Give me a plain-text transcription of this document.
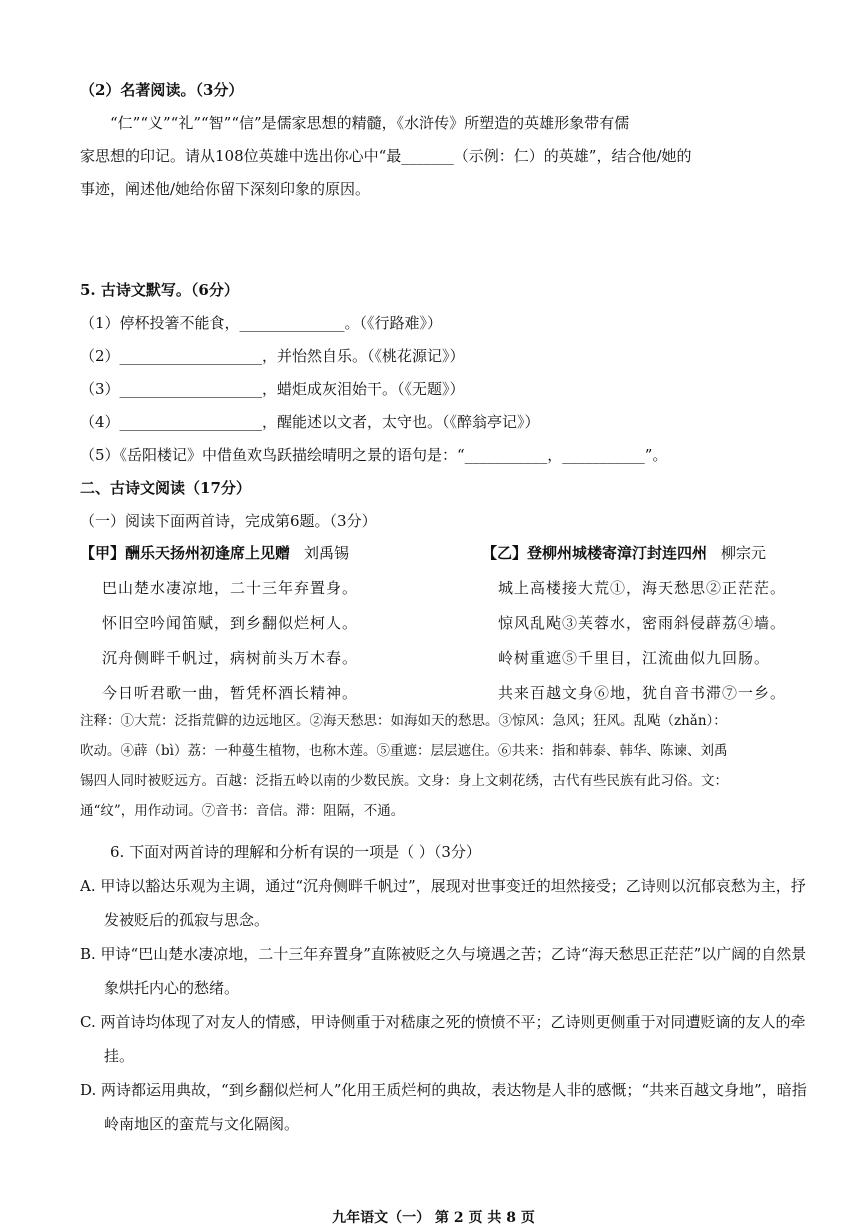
（2）名著阅读。（3分）

“仁”“义”“礼”“智”“信”是儒家思想的精髓，《水浒传》所塑造的英雄形象带有儒

家思想的印记。请从108位英雄中选出你心中“最_______（示例：仁）的英雄”，结合他/她的

事迹，阐述他/她给你留下深刻印象的原因。

5. 古诗文默写。（6分）

（1）停杯投箸不能食，______________。（《行路难》）

（2）___________________，并怡然自乐。（《桃花源记》）

（3）___________________，蜡炬成灰泪始干。（《无题》）

（4）___________________，醒能述以文者，太守也。（《醉翁亭记》）

（5）《岳阳楼记》中借鱼欢鸟跃描绘晴明之景的语句是：“___________，___________”。

二、古诗文阅读（17分）

（一）阅读下面两首诗，完成第6题。（3分）

【甲】酬乐天扬州初逢席上见赠 刘禹锡

巴山楚水凄凉地，二十三年弃置身。

怀旧空吟闻笛赋，到乡翻似烂柯人。

沉舟侧畔千帆过，病树前头万木春。

今日听君歌一曲，暂凭杯酒长精神。

【乙】登柳州城楼寄漳汀封连四州 柳宗元

城上高楼接大荒①，海天愁思②正茫茫。

惊风乱飐③芙蓉水，密雨斜侵薜荔④墙。

岭树重遮⑤千里目，江流曲似九回肠。

共来百越文身⑥地，犹自音书滞⑦一乡。

注释：①大荒：泛指荒僻的边远地区。②海天愁思：如海如天的愁思。③惊风：急风；狂风。乱飐（zhǎn）：

吹动。④薜（bì）荔：一种蔓生植物，也称木莲。⑤重遮：层层遮住。⑥共来：指和韩泰、韩华、陈谏、刘禹

锡四人同时被贬远方。百越：泛指五岭以南的少数民族。文身：身上文刺花绣，古代有些民族有此习俗。文：

通“纹”，用作动词。⑦音书：音信。滞：阻隔，不通。

6. 下面对两首诗的理解和分析有误的一项是（ ）（3分）

A. 甲诗以豁达乐观为主调，通过“沉舟侧畔千帆过”，展现对世事变迁的坦然接受；乙诗则以沉郁哀愁为主，抒发被贬后的孤寂与思念。

B. 甲诗“巴山楚水凄凉地，二十三年弃置身”直陈被贬之久与境遇之苦；乙诗“海天愁思正茫茫”以广阔的自然景象烘托内心的愁绪。

C. 两首诗均体现了对友人的情感，甲诗侧重于对嵇康之死的愤愤不平；乙诗则更侧重于对同遭贬谪的友人的牵挂。

D. 两诗都运用典故，“到乡翻似烂柯人”化用王质烂柯的典故，表达物是人非的感慨；“共来百越文身地”，暗指岭南地区的蛮荒与文化隔阂。

九年语文（一） 第 2 页 共 8 页
